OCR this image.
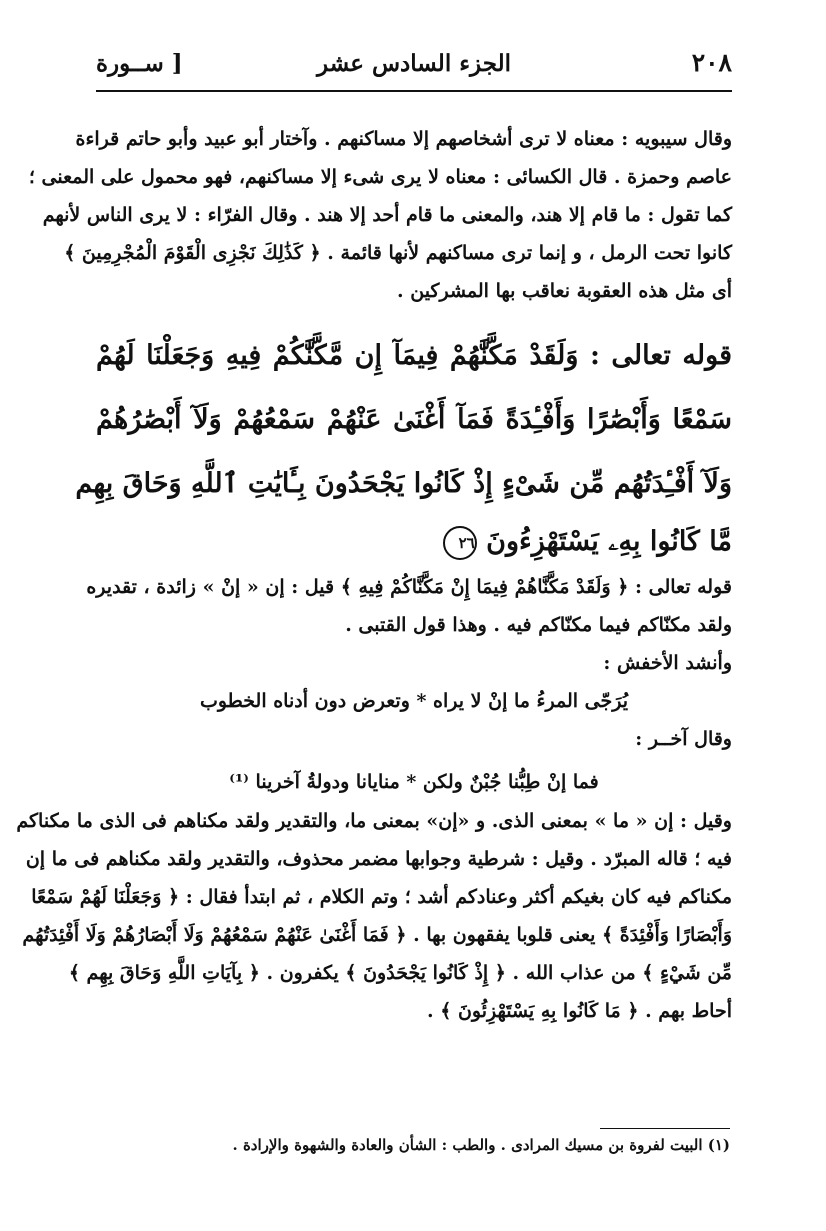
٢٠٨
الجزء السادس عشر
[ ســورة
وقال سيبويه : معناه لا ترى أشخاصهم إلا مساكنهم . وآختار أبو عبيد وأبو حاتم قراءة
عاصم وحمزة . قال الكسائى : معناه لا يرى شىء إلا مساكنهم، فهو محمول على المعنى ؛
كما تقول : ما قام إلا هند، والمعنى ما قام أحد إلا هند . وقال الفرّاء : لا يرى الناس لأنهم
كانوا تحت الرمل ، و إنما ترى مساكنهم لأنها قائمة . ﴿ كَذَٰلِكَ نَجْزِى الْقَوْمَ الْمُجْرِمِينَ ﴾
أى مثل هذه العقوبة نعاقب بها المشركين .
قوله تعالى : وَلَقَدْ مَكَّنَّٰهُمْ فِيمَآ إِن مَّكَّنَّٰكُمْ فِيهِ وَجَعَلْنَا لَهُمْ
سَمْعًا وَأَبْصَٰرًا وَأَفْـِٔدَةً فَمَآ أَغْنَىٰ عَنْهُمْ سَمْعُهُمْ وَلَآ أَبْصَٰرُهُمْ
وَلَآ أَفْـِٔدَتُهُم مِّن شَىْءٍ إِذْ كَانُوا يَجْحَدُونَ بِـَٔايَٰتِ ٱللَّهِ وَحَاقَ بِهِم
مَّا كَانُوا بِهِۦ يَسْتَهْزِءُونَ ٢٦
قوله تعالى : ﴿ وَلَقَدْ مَكَّنَّاهُمْ فِيمَا إِنْ مَكَّنَّاكُمْ فِيهِ ﴾ قيل : إن « إنْ » زائدة ، تقديره
ولقد مكنّاكم فيما مكنّاكم فيه . وهذا قول القتبى .
وأنشد الأخفش :
يُرَجّى المرءُ ما إنْ لا يراه * وتعرض دون أدناه الخطوب
وقال آخــر :
فما إنْ طِبُّنا جُبْنٌ ولكن * منايانا ودولةُ آخرينا ⁽¹⁾
وقيل : إن « ما » بمعنى الذى. و «إن» بمعنى ما، والتقدير ولقد مكناهم فى الذى ما مكناكم
فيه ؛ قاله المبرّد . وقيل : شرطية وجوابها مضمر محذوف، والتقدير ولقد مكناهم فى ما إن
مكناكم فيه كان بغيكم أكثر وعنادكم أشد ؛ وتم الكلام ، ثم ابتدأ فقال : ﴿ وَجَعَلْنَا لَهُمْ سَمْعًا
وَأَبْصَارًا وَأَفْئِدَةً ﴾ يعنى قلوبا يفقهون بها . ﴿ فَمَا أَغْنَىٰ عَنْهُمْ سَمْعُهُمْ وَلَا أَبْصَارُهُمْ وَلَا أَفْئِدَتُهُم
مِّن شَيْءٍ ﴾ من عذاب الله . ﴿ إِذْ كَانُوا يَجْحَدُونَ ﴾ يكفرون . ﴿ بِآيَاتِ اللَّهِ وَحَاقَ بِهِم ﴾
أحاط بهم . ﴿ مَا كَانُوا بِهِ يَسْتَهْزِئُونَ ﴾ .
(١) البيت لفروة بن مسيك المرادى . والطب : الشأن والعادة والشهوة والإرادة .
